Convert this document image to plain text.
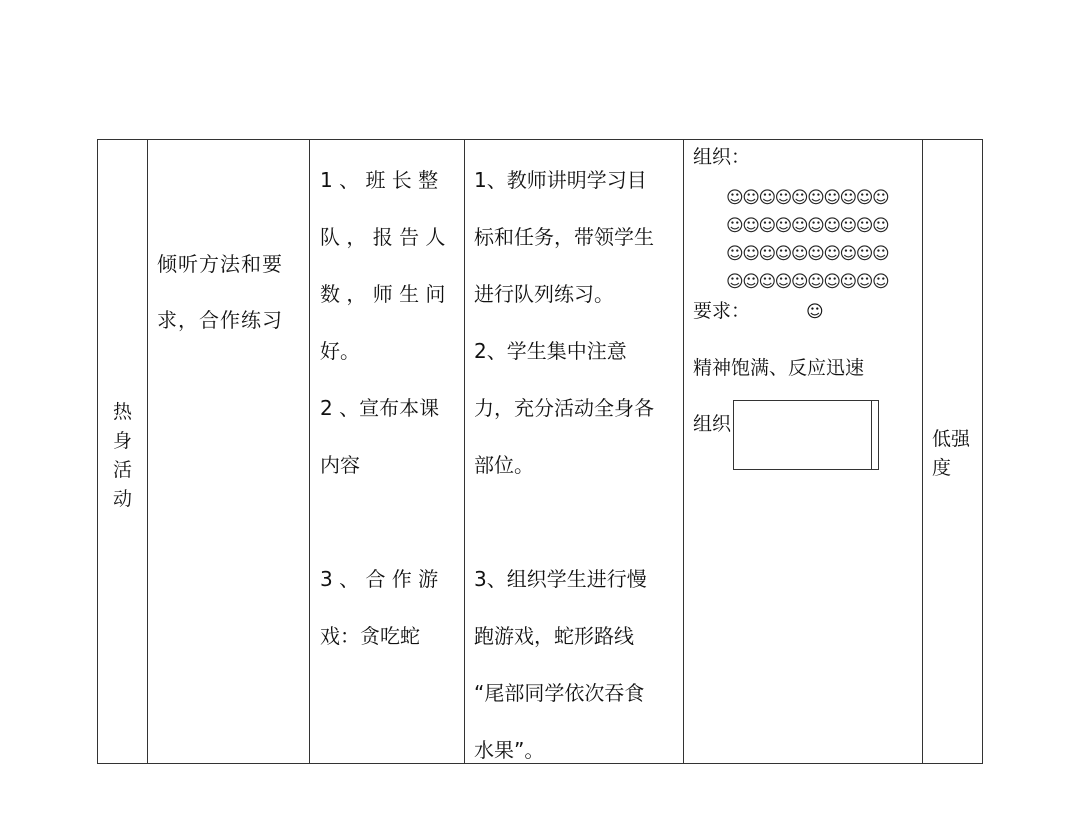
热
身
活
动

倾听方法和要

求，合作练习

1 、 班 长 整

队 ， 报 告 人

数 ， 师 生 问

好。

2 、宣布本课

内容

3 、 合 作 游

戏：贪吃蛇

1、教师讲明学习目

标和任务，带领学生

进行队列练习。

2、学生集中注意

力，充分活动全身各

部位。

3、组织学生进行慢

跑游戏，蛇形路线

“尾部同学依次吞食

水果”。

组织：

☺☺☺☺☺☺☺☺☺☺
☺☺☺☺☺☺☺☺☺☺
☺☺☺☺☺☺☺☺☺☺
☺☺☺☺☺☺☺☺☺☺

要求：	☺

精神饱满、反应迅速

组织

低强

度
